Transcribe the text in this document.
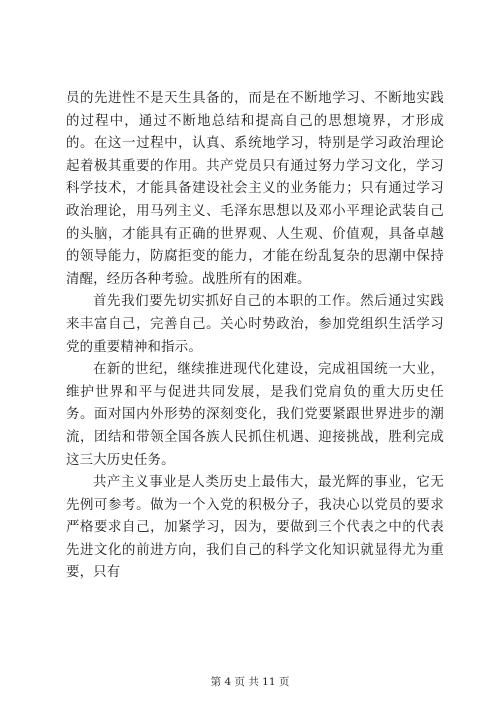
员的先进性不是天生具备的，而是在不断地学习、不断地实践的过程中，通过不断地总结和提高自己的思想境界，才形成的。在这一过程中，认真、系统地学习，特别是学习政治理论起着极其重要的作用。共产党员只有通过努力学习文化，学习科学技术，才能具备建设社会主义的业务能力；只有通过学习政治理论，用马列主义、毛泽东思想以及邓小平理论武装自己的头脑，才能具有正确的世界观、人生观、价值观，具备卓越的领导能力，防腐拒变的能力，才能在纷乱复杂的思潮中保持清醒，经历各种考验。战胜所有的困难。

首先我们要先切实抓好自己的本职的工作。然后通过实践来丰富自己，完善自己。关心时势政治，参加党组织生活学习党的重要精神和指示。

在新的世纪，继续推进现代化建设，完成祖国统一大业，维护世界和平与促进共同发展，是我们党肩负的重大历史任务。面对国内外形势的深刻变化，我们党要紧跟世界进步的潮流，团结和带领全国各族人民抓住机遇、迎接挑战，胜利完成这三大历史任务。

共产主义事业是人类历史上最伟大，最光辉的事业，它无先例可参考。做为一个入党的积极分子，我决心以党员的要求严格要求自己，加紧学习，因为，要做到三个代表之中的代表先进文化的前进方向，我们自己的科学文化知识就显得尤为重要，只有

第 4 页 共 11 页
